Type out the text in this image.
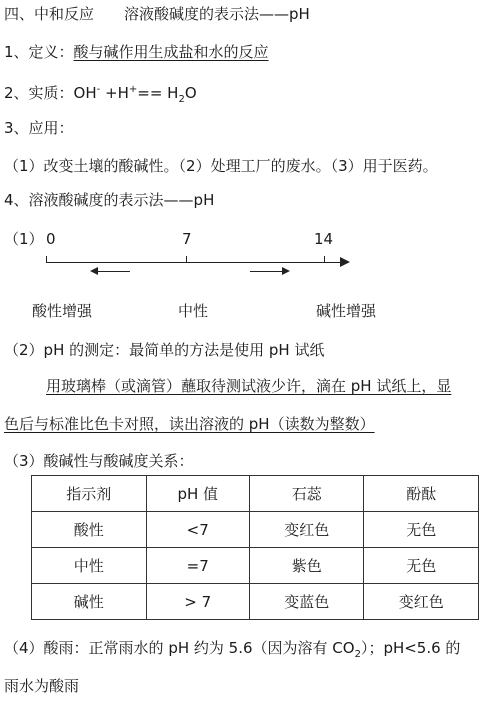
四、中和反应 溶液酸碱度的表示法——pH
1、定义：酸与碱作用生成盐和水的反应
2、实质：$OH^- +H^+== H_2O$
3、应用：
（1）改变土壤的酸碱性。（2）处理工厂的废水。（3）用于医药。
4、溶液酸碱度的表示法——pH
（1） 0	7	14
酸性增强	中性	碱性增强
（2）pH 的测定：最简单的方法是使用 pH 试纸
用玻璃棒（或滴管）蘸取待测试液少许，滴在 pH 试纸上，显
色后与标准比色卡对照，读出溶液的 pH（读数为整数）
（3）酸碱性与酸碱度关系：
指示剂	pH 值	石蕊	酚酞
酸性	<7	变红色	无色
中性	=7	紫色	无色
碱性	> 7	变蓝色	变红色
（4）酸雨：正常雨水的 pH 约为 5.6（因为溶有 $CO_2$）；pH<5.6 的
雨水为酸雨
